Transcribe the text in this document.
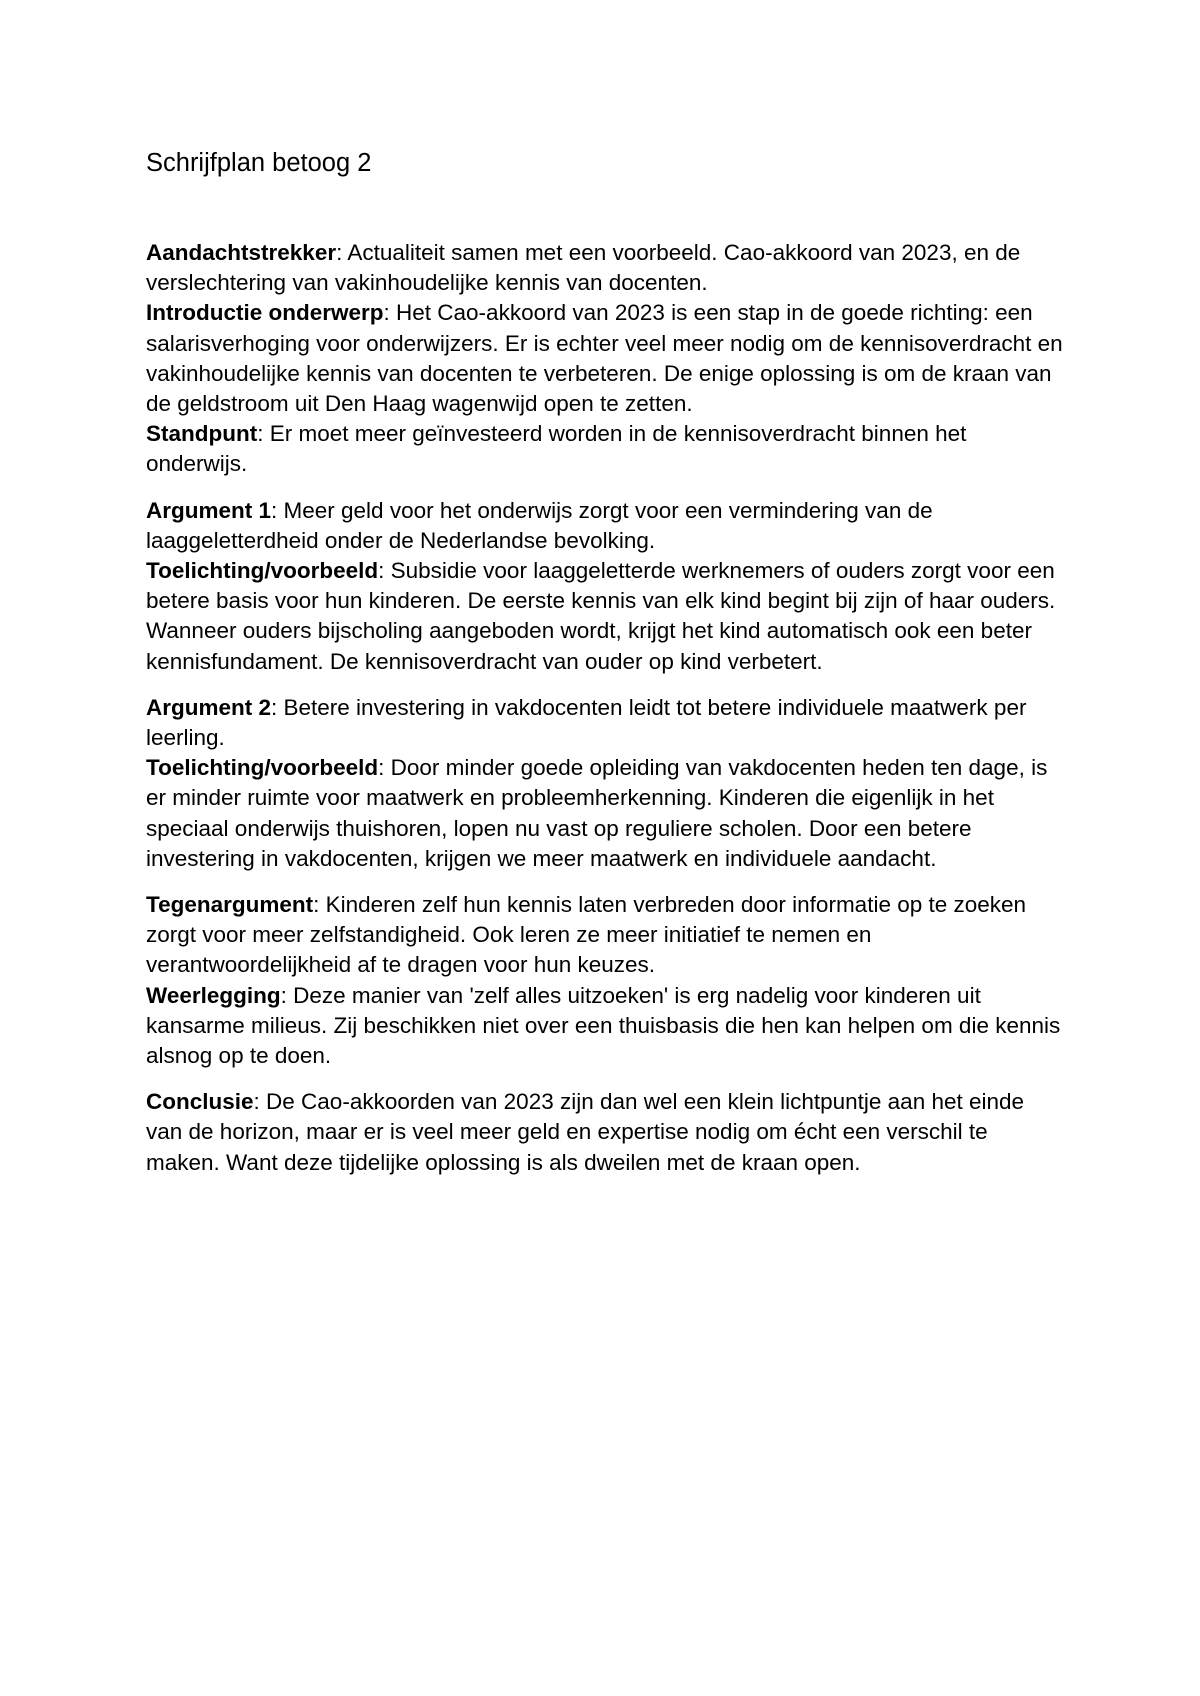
Schrijfplan betoog 2

Aandachtstrekker: Actualiteit samen met een voorbeeld. Cao-akkoord van 2023, en de verslechtering van vakinhoudelijke kennis van docenten.

Introductie onderwerp: Het Cao-akkoord van 2023 is een stap in de goede richting: een salarisverhoging voor onderwijzers. Er is echter veel meer nodig om de kennisoverdracht en vakinhoudelijke kennis van docenten te verbeteren. De enige oplossing is om de kraan van de geldstroom uit Den Haag wagenwijd open te zetten.

Standpunt: Er moet meer geïnvesteerd worden in de kennisoverdracht binnen het onderwijs.

Argument 1: Meer geld voor het onderwijs zorgt voor een vermindering van de laaggeletterdheid onder de Nederlandse bevolking.

Toelichting/voorbeeld: Subsidie voor laaggeletterde werknemers of ouders zorgt voor een betere basis voor hun kinderen. De eerste kennis van elk kind begint bij zijn of haar ouders. Wanneer ouders bijscholing aangeboden wordt, krijgt het kind automatisch ook een beter kennisfundament. De kennisoverdracht van ouder op kind verbetert.

Argument 2: Betere investering in vakdocenten leidt tot betere individuele maatwerk per leerling.

Toelichting/voorbeeld: Door minder goede opleiding van vakdocenten heden ten dage, is er minder ruimte voor maatwerk en probleemherkenning. Kinderen die eigenlijk in het speciaal onderwijs thuishoren, lopen nu vast op reguliere scholen. Door een betere investering in vakdocenten, krijgen we meer maatwerk en individuele aandacht.

Tegenargument: Kinderen zelf hun kennis laten verbreden door informatie op te zoeken zorgt voor meer zelfstandigheid. Ook leren ze meer initiatief te nemen en verantwoordelijkheid af te dragen voor hun keuzes.

Weerlegging: Deze manier van 'zelf alles uitzoeken' is erg nadelig voor kinderen uit kansarme milieus. Zij beschikken niet over een thuisbasis die hen kan helpen om die kennis alsnog op te doen.

Conclusie: De Cao-akkoorden van 2023 zijn dan wel een klein lichtpuntje aan het einde van de horizon, maar er is veel meer geld en expertise nodig om écht een verschil te maken. Want deze tijdelijke oplossing is als dweilen met de kraan open.
